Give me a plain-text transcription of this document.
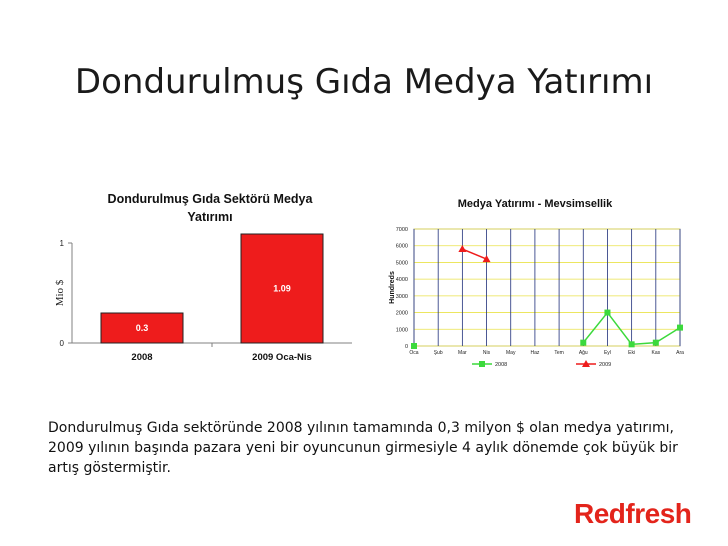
Dondurulmuş Gıda Medya Yatırımı
Dondurulmuş Gıda Sektörü Medya Yatırımı
Medya Yatırımı - Mevsimsellik
0
1
Mio $
0.3
2008
1.09
2009 Oca-Nis
0
1000
2000
3000
4000
5000
6000
7000
Oca	Şub	Mar	Nis	May	Haz	Tem	Ağu	Eyl	Eki	Kas	Ara
Hundreds
2008	2009
Dondurulmuş Gıda sektöründe 2008 yılının tamamında 0,3 milyon $ olan medya yatırımı, 2009 yılının başında pazara yeni bir oyuncunun girmesiyle 4 aylık dönemde çok büyük bir artış göstermiştir.
Redfresh
